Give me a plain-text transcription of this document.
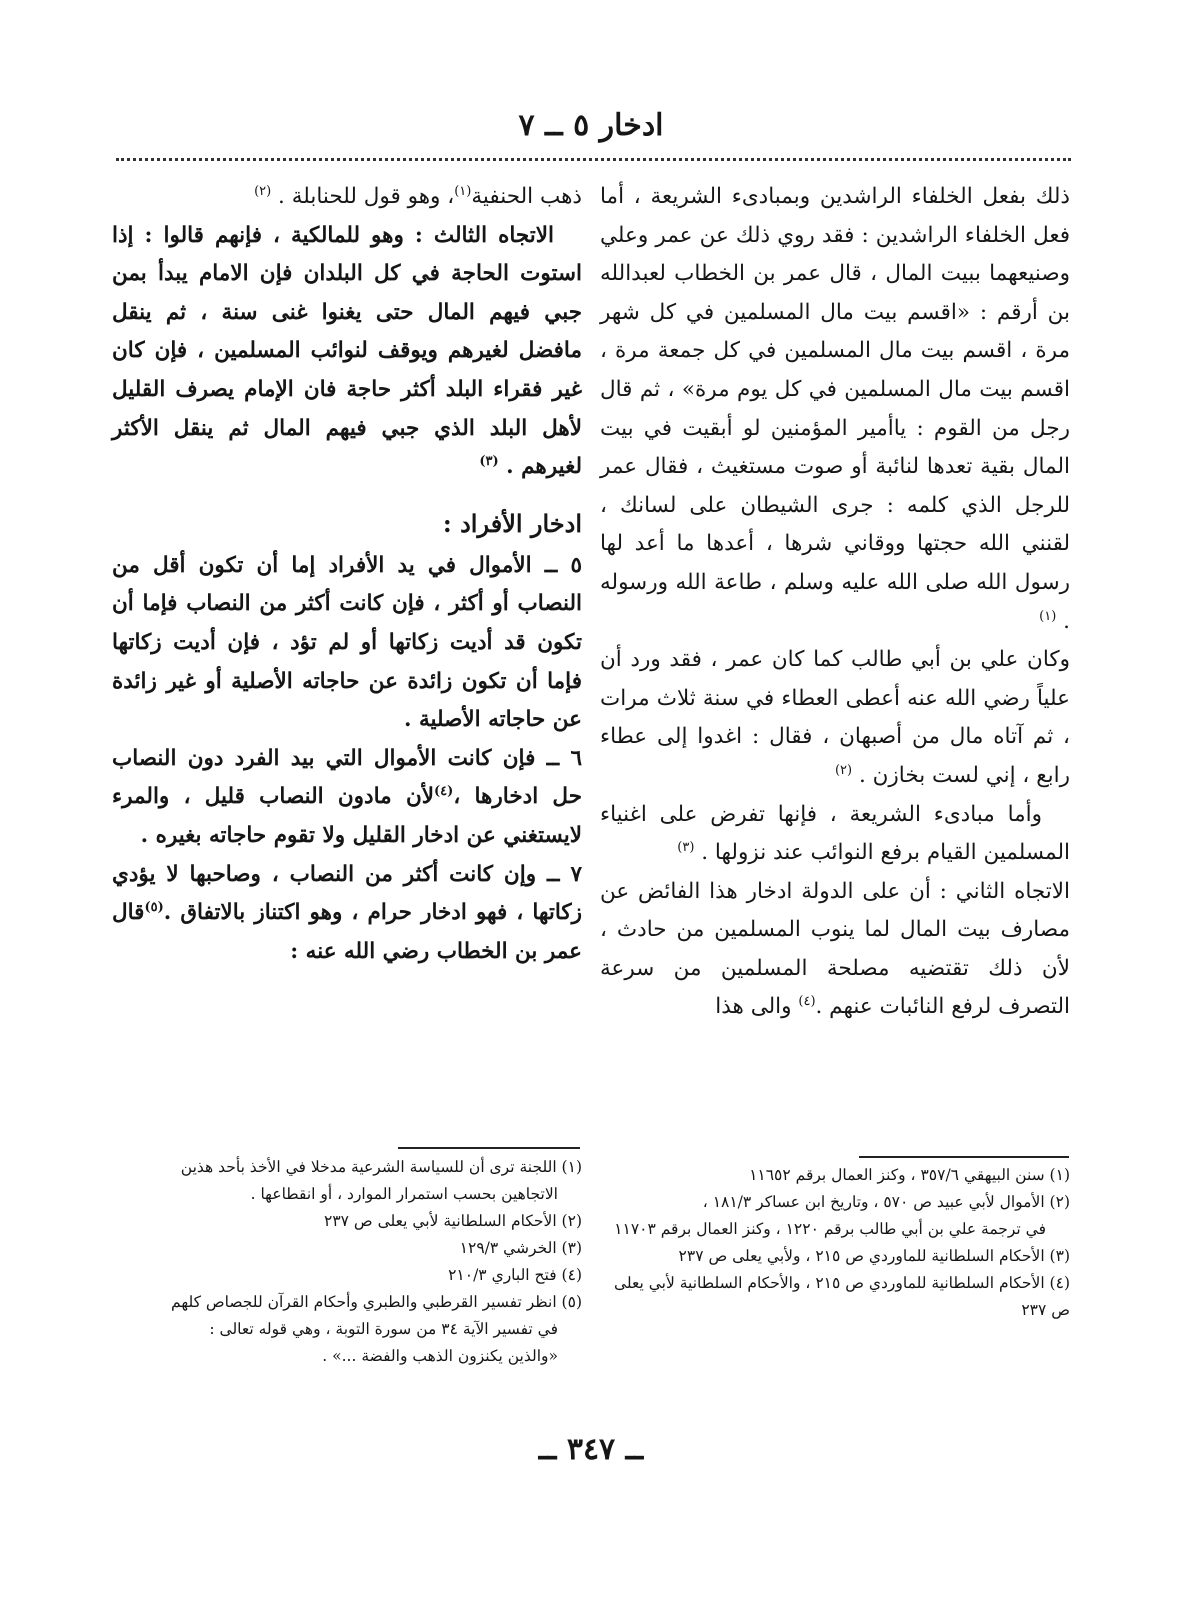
ادخار ٥ ــ ٧

ذلك بفعل الخلفاء الراشدين وبمبادىء الشريعة ، أما فعل الخلفاء الراشدين : فقد روي ذلك عن عمر وعلي وصنيعهما ببيت المال ، قال عمر بن الخطاب لعبدالله بن أرقم : «اقسم بيت مال المسلمين في كل شهر مرة ، اقسم بيت مال المسلمين في كل جمعة مرة ، اقسم بيت مال المسلمين في كل يوم مرة» ، ثم قال رجل من القوم : ياأمير المؤمنين لو أبقيت في بيت المال بقية تعدها لنائبة أو صوت مستغيث ، فقال عمر للرجل الذي كلمه : جرى الشيطان على لسانك ، لقنني الله حجتها ووقاني شرها ، أعدها ما أعد لها رسول الله صلى الله عليه وسلم ، طاعة الله ورسوله . $^{(١)}$

وكان علي بن أبي طالب كما كان عمر ، فقد ورد أن علياً رضي الله عنه أعطى العطاء في سنة ثلاث مرات ، ثم آتاه مال من أصبهان ، فقال : اغدوا إلى عطاء رابع ، إني لست بخازن . $^{(٢)}$

وأما مبادىء الشريعة ، فإنها تفرض على اغنياء المسلمين القيام برفع النوائب عند نزولها . $^{(٣)}$

الاتجاه الثاني : أن على الدولة ادخار هذا الفائض عن مصارف بيت المال لما ينوب المسلمين من حادث ، لأن ذلك تقتضيه مصلحة المسلمين من سرعة التصرف لرفع النائبات عنهم .$^{(٤)}$ والى هذا

ذهب الحنفية$^{(١)}$، وهو قول للحنابلة . $^{(٢)}$

الاتجاه الثالث : وهو للمالكية ، فإنهم قالوا : إذا استوت الحاجة في كل البلدان فإن الامام يبدأ بمن جبي فيهم المال حتى يغنوا غنى سنة ، ثم ينقل مافضل لغيرهم ويوقف لنوائب المسلمين ، فإن كان غير فقراء البلد أكثر حاجة فان الإمام يصرف القليل لأهل البلد الذي جبي فيهم المال ثم ينقل الأكثر لغيرهم . $^{(٣)}$

ادخار الأفراد :

٥ ــ الأموال في يد الأفراد إما أن تكون أقل من النصاب أو أكثر ، فإن كانت أكثر من النصاب فإما أن تكون قد أديت زكاتها أو لم تؤد ، فإن أديت زكاتها فإما أن تكون زائدة عن حاجاته الأصلية أو غير زائدة عن حاجاته الأصلية .

٦ ــ فإن كانت الأموال التي بيد الفرد دون النصاب حل ادخارها ،$^{(٤)}$لأن مادون النصاب قليل ، والمرء لايستغني عن ادخار القليل ولا تقوم حاجاته بغيره .

٧ ــ وإن كانت أكثر من النصاب ، وصاحبها لا يؤدي زكاتها ، فهو ادخار حرام ، وهو اكتناز بالاتفاق .$^{(٥)}$قال عمر بن الخطاب رضي الله عنه :

(١) سنن البيهقي ٣٥٧/٦ ، وكنز العمال برقم ١١٦٥٢
(٢) الأموال لأبي عبيد ص ٥٧٠ ، وتاريخ ابن عساكر ١٨١/٣ ،
في ترجمة علي بن أبي طالب برقم ١٢٢٠ ، وكنز العمال برقم ١١٧٠٣
(٣) الأحكام السلطانية للماوردي ص ٢١٥ ، ولأبي يعلى ص ٢٣٧
(٤) الأحكام السلطانية للماوردي ص ٢١٥ ، والأحكام السلطانية لأبي يعلى ص ٢٣٧
(١) اللجنة ترى أن للسياسة الشرعية مدخلا في الأخذ بأحد هذين
الاتجاهين بحسب استمرار الموارد ، أو انقطاعها .
(٢) الأحكام السلطانية لأبي يعلى ص ٢٣٧
(٣) الخرشي ١٢٩/٣
(٤) فتح الباري ٢١٠/٣
(٥) انظر تفسير القرطبي والطبري وأحكام القرآن للجصاص كلهم
في تفسير الآية ٣٤ من سورة التوبة ، وهي قوله تعالى :
«والذين يكنزون الذهب والفضة ...» .
ــ ٣٤٧ ــ
